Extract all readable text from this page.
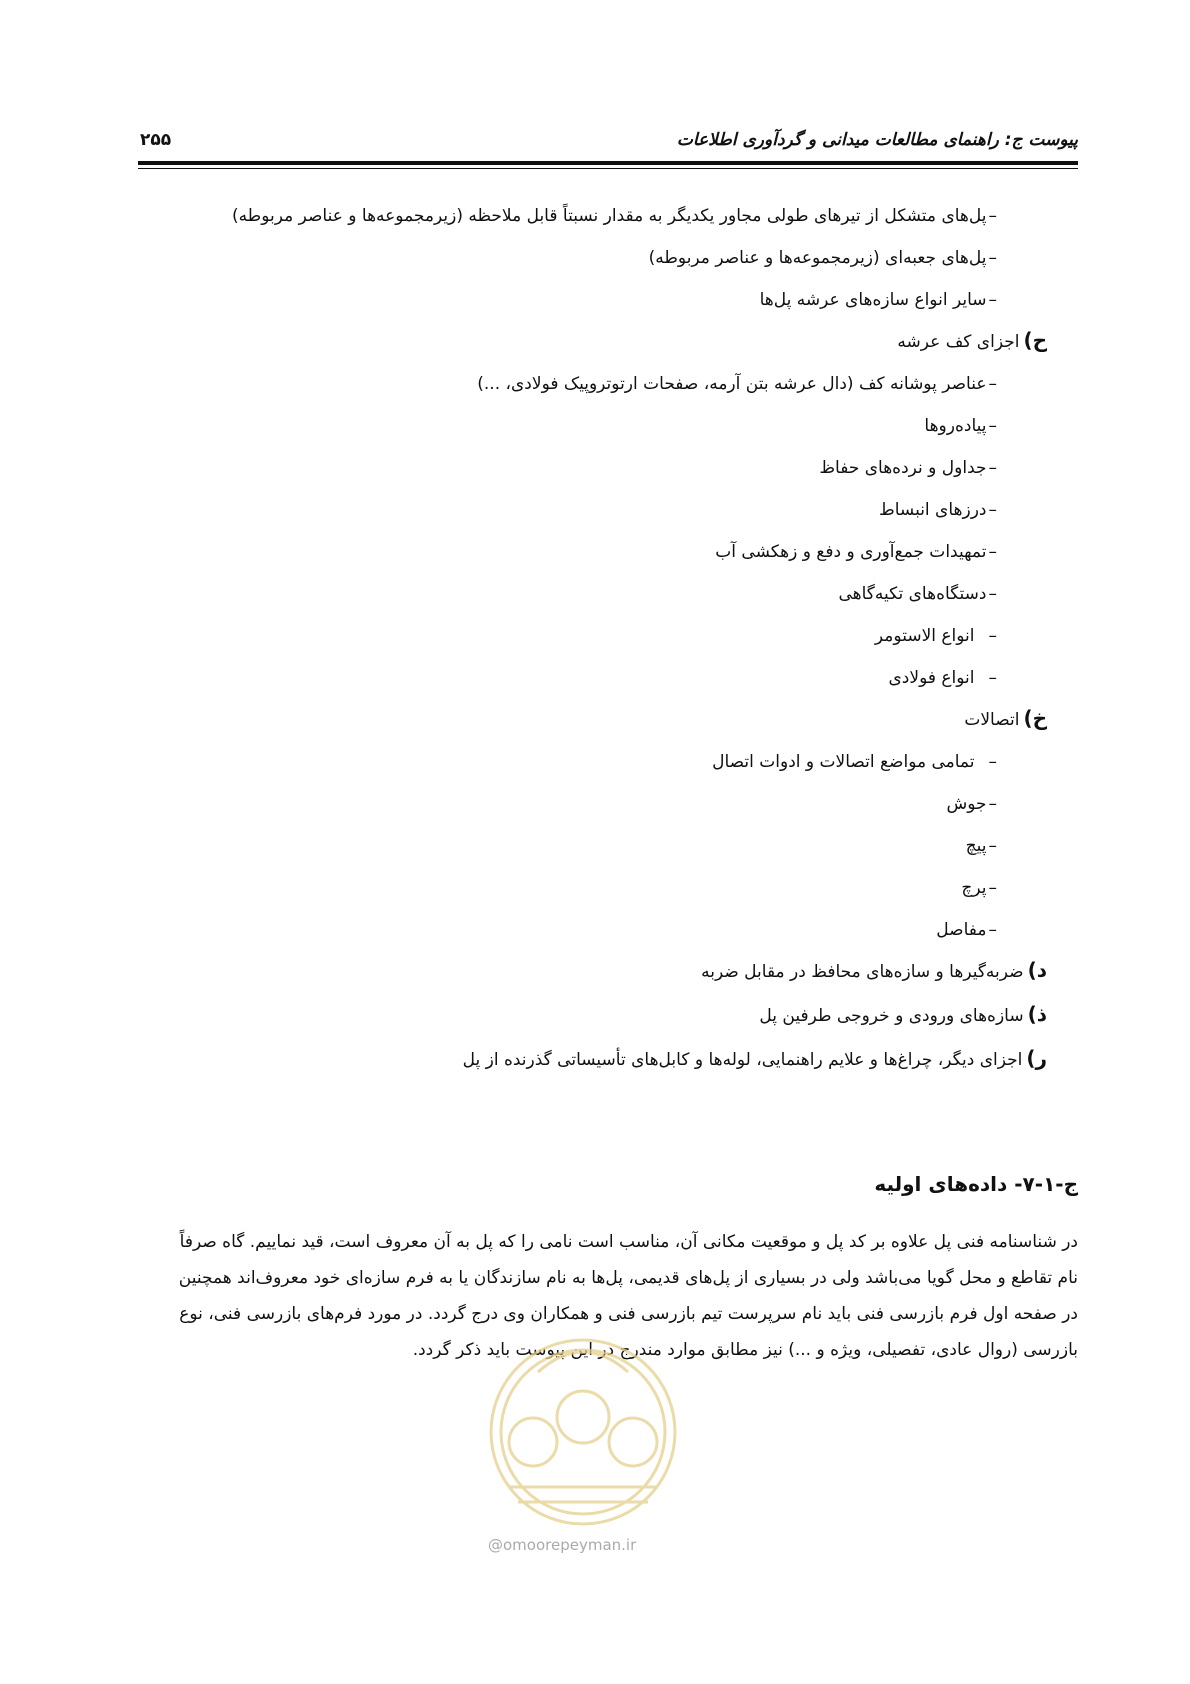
پیوست ج: راهنمای مطالعات میدانی و گردآوری اطلاعات
۲۵۵
–پل‌های متشکل از تیرهای طولی مجاور یکدیگر به مقدار نسبتاً قابل ملاحظه (زیرمجموعه‌ها و عناصر مربوطه)
–پل‌های جعبه‌ای (زیرمجموعه‌ها و عناصر مربوطه)
–سایر انواع سازه‌های عرشه پل‌ها
ح)اجزای کف عرشه
–عناصر پوشانه کف (دال عرشه بتن آرمه، صفحات ارتوتروپیک فولادی، ...)
–پیاده‌روها
–جداول و نرده‌های حفاظ
–درزهای انبساط
–تمهیدات جمع‌آوری و دفع و زهکشی آب
–دستگاه‌های تکیه‌گاهی
–انواع الاستومر
–انواع فولادی
خ)اتصالات
–تمامی مواضع اتصالات و ادوات اتصال
–جوش
–پیچ
–پرچ
–مفاصل
د)ضربه‌گیرها و سازه‌های محافظ در مقابل ضربه
ذ)سازه‌های ورودی و خروجی طرفین پل
ر)اجزای دیگر، چراغ‌ها و علایم راهنمایی، لوله‌ها و کابل‌های تأسیساتی گذرنده از پل
ج-۱-۷- داده‌های اولیه
در شناسنامه فنی پل علاوه بر کد پل و موقعیت مکانی آن، مناسب است نامی را که پل به آن معروف است، قید نماییم. گاه صرفاً
نام تقاطع و محل گویا می‌باشد ولی در بسیاری از پل‌های قدیمی، پل‌ها به نام سازندگان یا به فرم سازه‌ای خود معروف‌اند همچنین
در صفحه اول فرم بازرسی فنی باید نام سرپرست تیم بازرسی فنی و همکاران وی درج گردد. در مورد فرم‌های بازرسی فنی، نوع
بازرسی (روال عادی، تفصیلی، ویژه و ...) نیز مطابق موارد مندرج در این پیوست باید ذکر گردد.
@omoorepeyman.ir
